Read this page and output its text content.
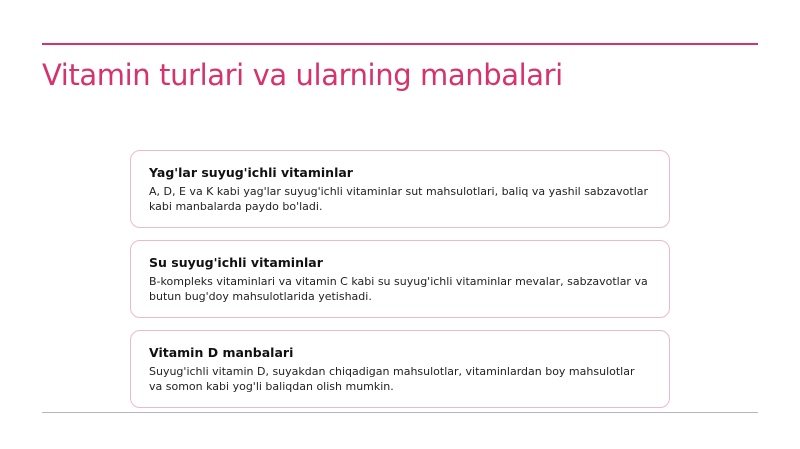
Vitamin turlari va ularning manbalari
Yag'lar suyug'ichli vitaminlar
A, D, E va K kabi yag'lar suyug'ichli vitaminlar sut mahsulotlari, baliq va yashil sabzavotlar kabi manbalarda paydo bo'ladi.
Su suyug'ichli vitaminlar
B-kompleks vitaminlari va vitamin C kabi su suyug'ichli vitaminlar mevalar, sabzavotlar va butun bug'doy mahsulotlarida yetishadi.
Vitamin D manbalari
Suyug'ichli vitamin D, suyakdan chiqadigan mahsulotlar, vitaminlardan boy mahsulotlar va somon kabi yog'li baliqdan olish mumkin.
